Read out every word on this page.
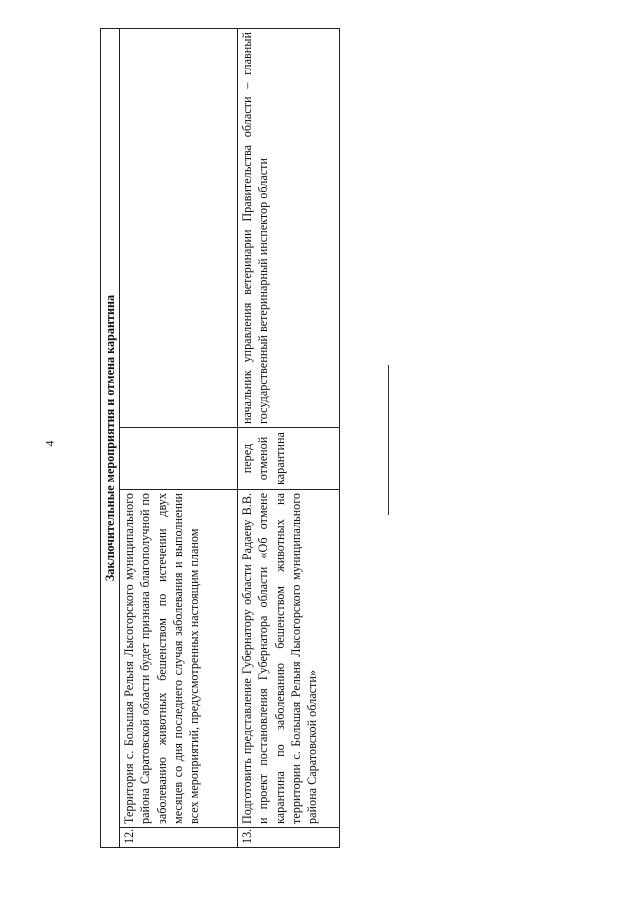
4	Заключительные мероприятия и отмена карантина			
12.	Территория с. Большая Рельня Лысогорского муниципального района Саратовской области будет признана благополучной по заболеванию животных бешенством по истечении двух месяцев со дня последнего случая заболевания и выполнении всех мероприятий, предусмотренных настоящим планом		
13.	Подготовить представление Губернатору области Радаеву В.В. и проект постановления Губернатора области «Об отмене карантина по заболеванию бешенством животных на территории с. Большая Рельня Лысогорского муниципального района Саратовской области»	перед отменой карантина	начальник управления ветеринарии Правительства области – главный государственный ветеринарный инспектор области
